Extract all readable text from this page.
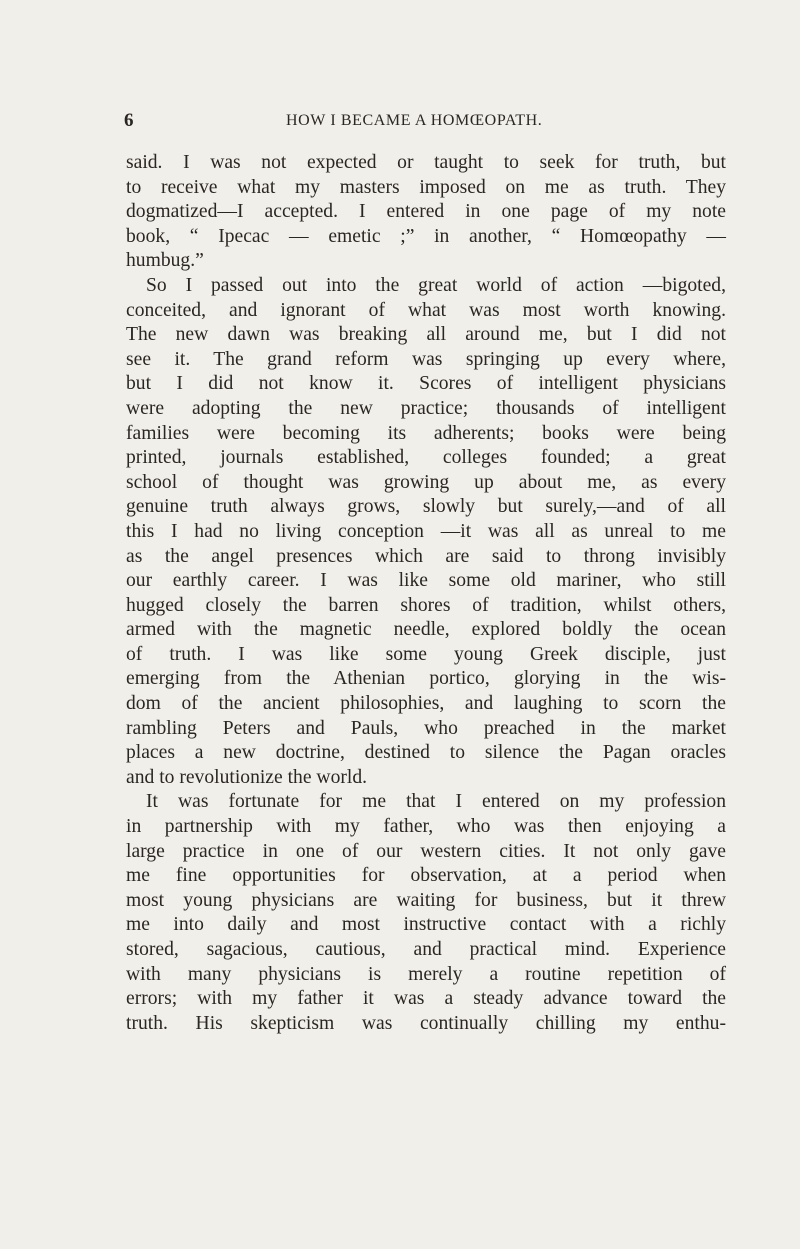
6	HOW I BECAME A HOMŒOPATH.
said. I was not expected or taught to seek for truth, but
to receive what my masters imposed on me as truth. They
dogmatized—I accepted. I entered in one page of my note
book, “ Ipecac — emetic ;” in another, “ Homœopathy —
humbug.”
So I passed out into the great world of action —bigoted,
conceited, and ignorant of what was most worth knowing.
The new dawn was breaking all around me, but I did not
see it. The grand reform was springing up every where,
but I did not know it. Scores of intelligent physicians
were adopting the new practice; thousands of intelligent
families were becoming its adherents; books were being
printed, journals established, colleges founded; a great
school of thought was growing up about me, as every
genuine truth always grows, slowly but surely,—and of all
this I had no living conception —it was all as unreal to me
as the angel presences which are said to throng invisibly
our earthly career. I was like some old mariner, who still
hugged closely the barren shores of tradition, whilst others,
armed with the magnetic needle, explored boldly the ocean
of truth. I was like some young Greek disciple, just
emerging from the Athenian portico, glorying in the wis-
dom of the ancient philosophies, and laughing to scorn the
rambling Peters and Pauls, who preached in the market
places a new doctrine, destined to silence the Pagan oracles
and to revolutionize the world.
It was fortunate for me that I entered on my profession
in partnership with my father, who was then enjoying a
large practice in one of our western cities. It not only gave
me fine opportunities for observation, at a period when
most young physicians are waiting for business, but it threw
me into daily and most instructive contact with a richly
stored, sagacious, cautious, and practical mind. Experience
with many physicians is merely a routine repetition of
errors; with my father it was a steady advance toward the
truth. His skepticism was continually chilling my enthu-
